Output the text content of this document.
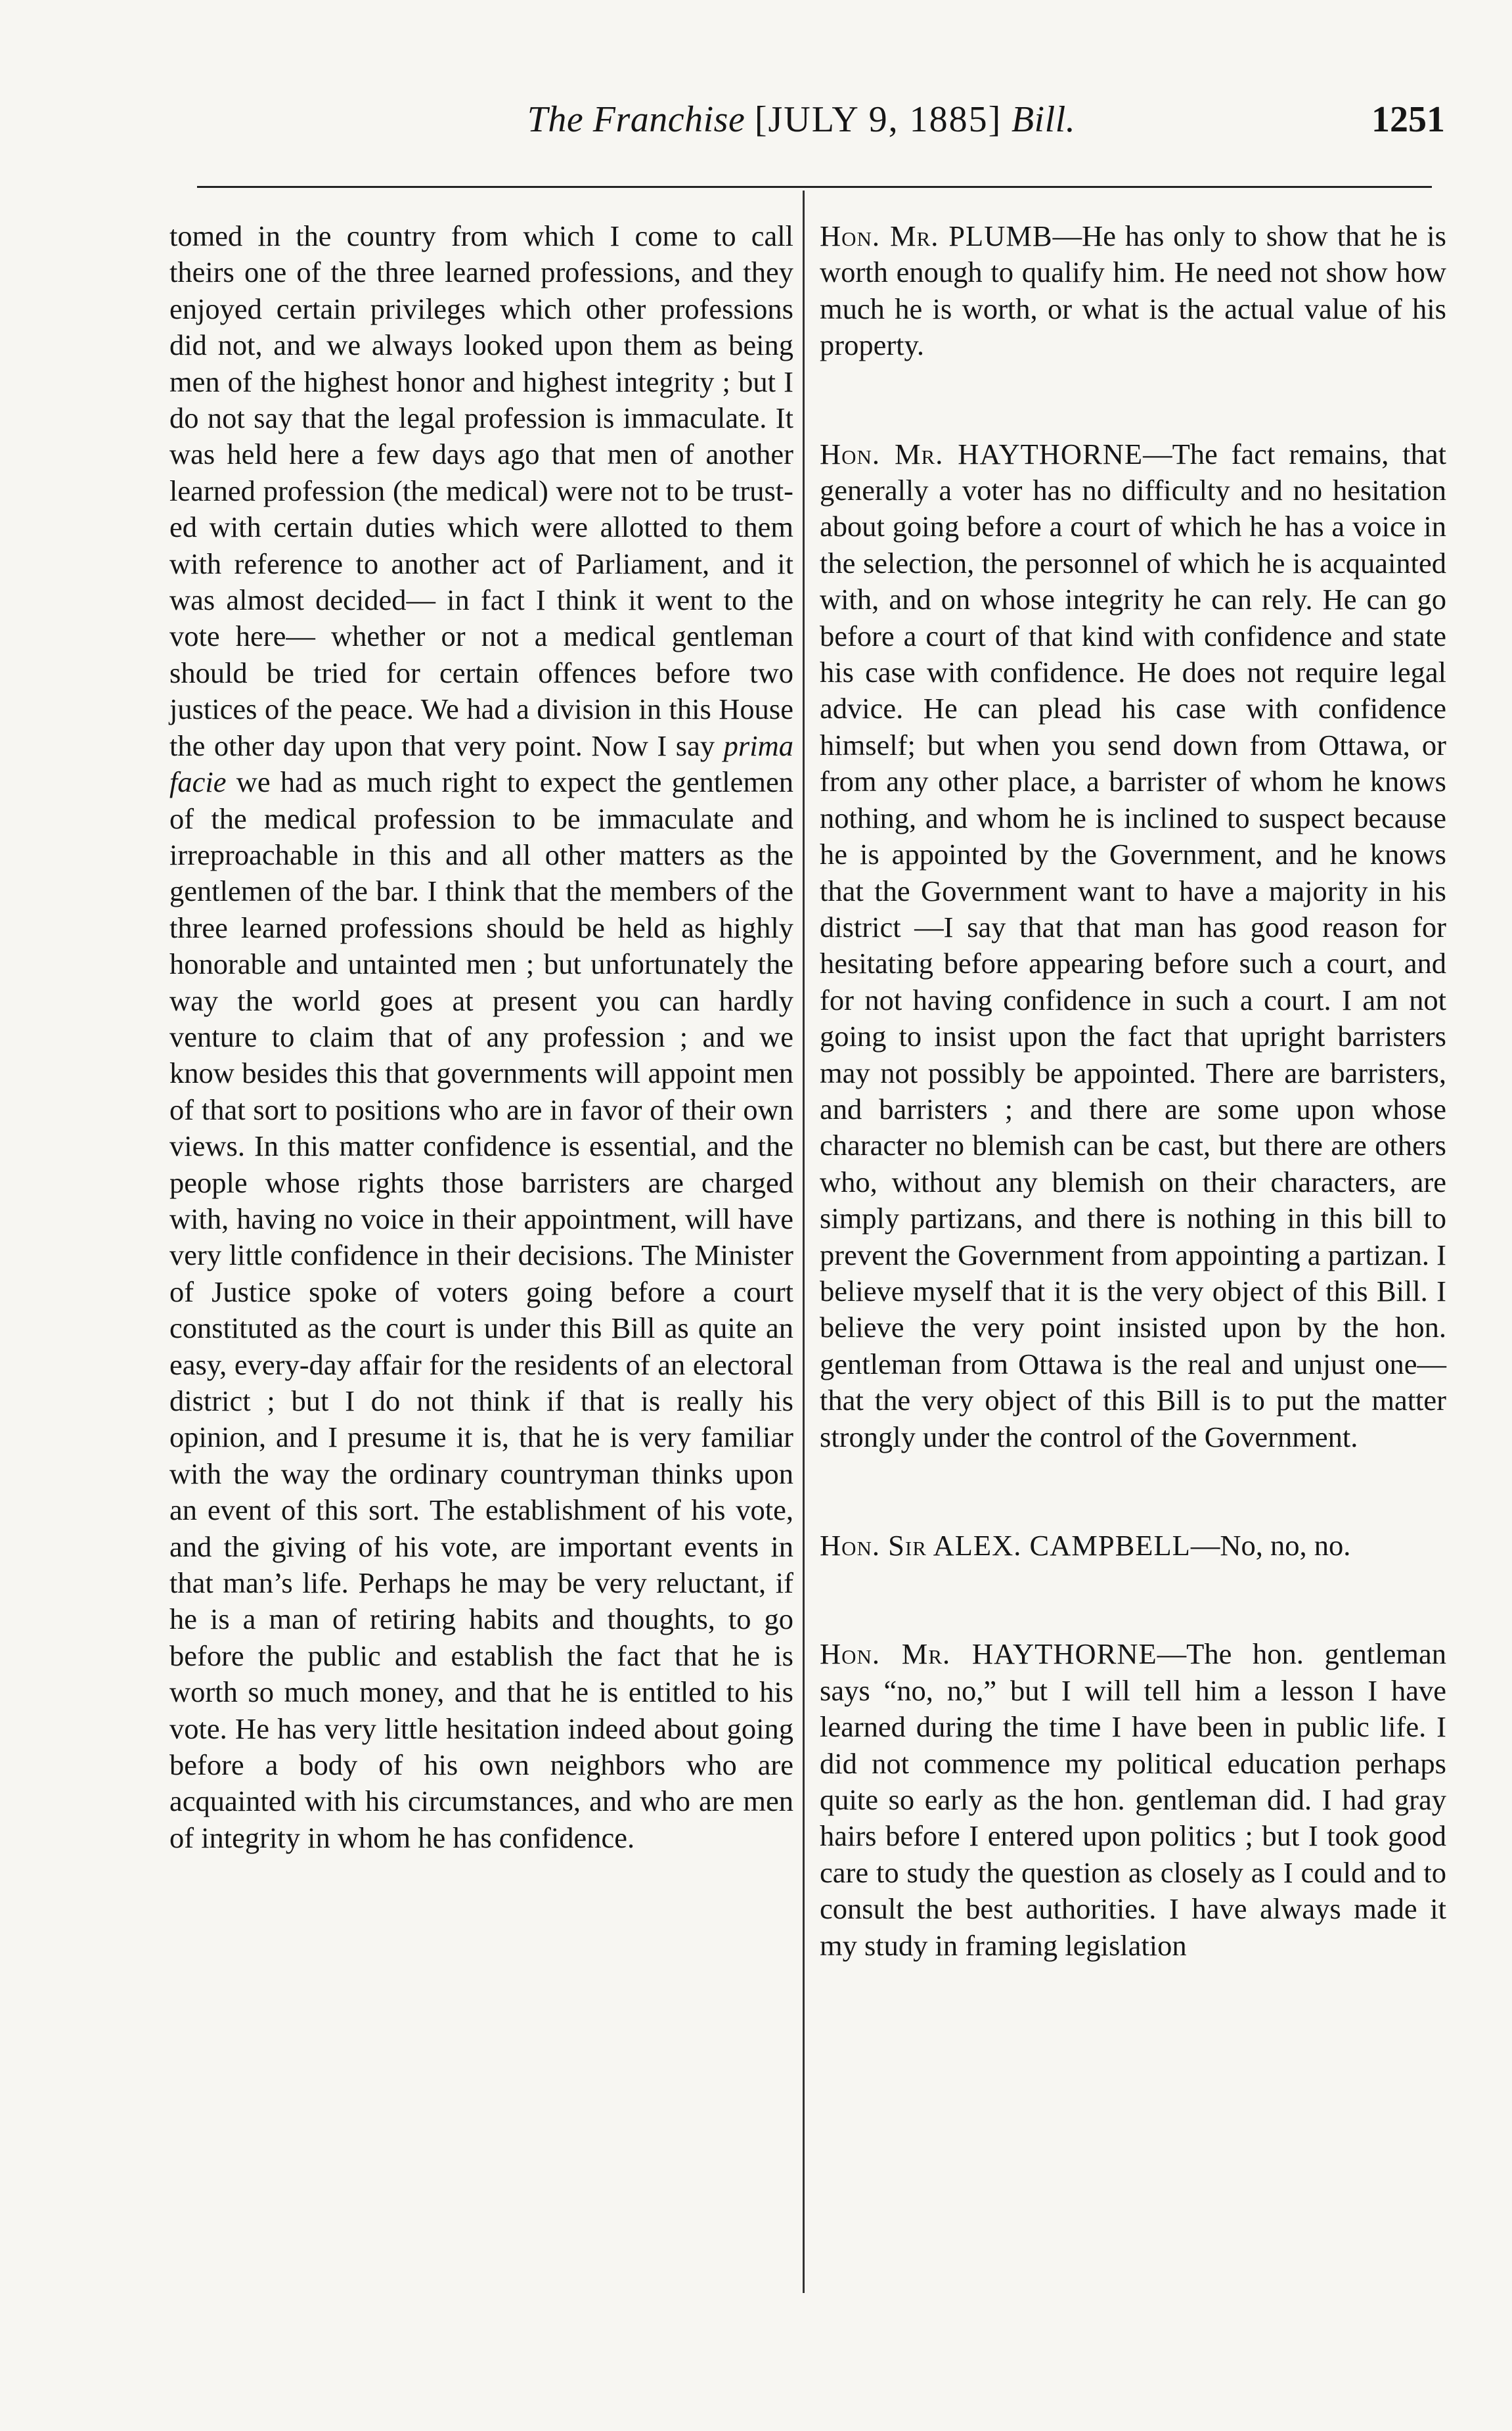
The Franchise [JULY 9, 1885] Bill.	1251

tomed in the country from which I come to call theirs one of the three learned professions, and they enjoyed certain privileges which other professions did not, and we always looked upon them as being men of the highest honor and highest integrity ; but I do not say that the legal profession is immaculate. It was held here a few days ago that men of another learned profession (the medical) were not to be trusted with certain duties which were allotted to them with reference to another act of Parliament, and it was almost decided— in fact I think it went to the vote here— whether or not a medical gentleman should be tried for certain offences before two justices of the peace. We had a division in this House the other day upon that very point. Now I say prima facie we had as much right to expect the gentlemen of the medical profession to be immaculate and irreproachable in this and all other matters as the gentlemen of the bar. I think that the members of the three learned professions should be held as highly honorable and untainted men ; but unfortunately the way the world goes at present you can hardly venture to claim that of any profession ; and we know besides this that governments will appoint men of that sort to positions who are in favor of their own views. In this matter confidence is essential, and the people whose rights those barristers are charged with, having no voice in their appointment, will have very little confidence in their decisions. The Minister of Justice spoke of voters going before a court constituted as the court is under this Bill as quite an easy, every-day affair for the residents of an electoral district ; but I do not think if that is really his opinion, and I presume it is, that he is very familiar with the way the ordinary countryman thinks upon an event of this sort. The establishment of his vote, and the giving of his vote, are important events in that man’s life. Perhaps he may be very reluctant, if he is a man of retiring habits and thoughts, to go before the public and establish the fact that he is worth so much money, and that he is entitled to his vote. He has very little hesitation indeed about going before a body of his own neighbors who are acquainted with his circumstances, and who are men of integrity in whom he has confidence.

Hon. Mr. PLUMB—He has only to show that he is worth enough to qualify him. He need not show how much he is worth, or what is the actual value of his property.

Hon. Mr. HAYTHORNE—The fact remains, that generally a voter has no difficulty and no hesitation about going before a court of which he has a voice in the selection, the personnel of which he is acquainted with, and on whose integrity he can rely. He can go before a court of that kind with confidence and state his case with confidence. He does not require legal advice. He can plead his case with confidence himself; but when you send down from Ottawa, or from any other place, a barrister of whom he knows nothing, and whom he is inclined to suspect because he is appointed by the Government, and he knows that the Government want to have a majority in his district —I say that that man has good reason for hesitating before appearing before such a court, and for not having confidence in such a court. I am not going to insist upon the fact that upright barristers may not possibly be appointed. There are barristers, and barristers ; and there are some upon whose character no blemish can be cast, but there are others who, without any blemish on their characters, are simply partizans, and there is nothing in this bill to prevent the Government from appointing a partizan. I believe myself that it is the very object of this Bill. I believe the very point insisted upon by the hon. gentleman from Ottawa is the real and unjust one—that the very object of this Bill is to put the matter strongly under the control of the Government.

Hon. Sir ALEX. CAMPBELL—No, no, no.

Hon. Mr. HAYTHORNE—The hon. gentleman says “no, no,” but I will tell him a lesson I have learned during the time I have been in public life. I did not commence my political education perhaps quite so early as the hon. gentleman did. I had gray hairs before I entered upon politics ; but I took good care to study the question as closely as I could and to consult the best authorities. I have always made it my study in framing legislation
